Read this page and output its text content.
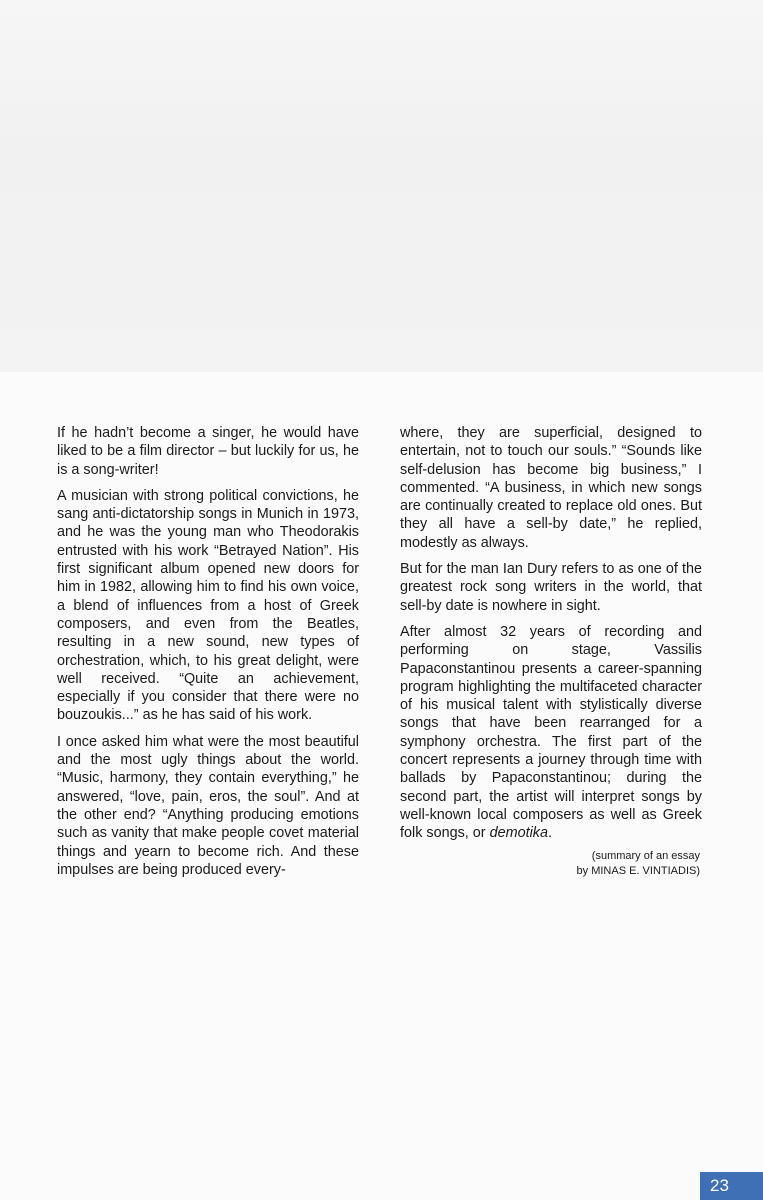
If he hadn’t become a singer, he would have liked to be a film director – but luckily for us, he is a song-writer!

A musician with strong political convictions, he sang anti-dictatorship songs in Munich in 1973, and he was the young man who Theodorakis entrusted with his work “Betrayed Nation”. His first significant album opened new doors for him in 1982, allowing him to find his own voice, a blend of influences from a host of Greek composers, and even from the Beatles, resulting in a new sound, new types of orchestration, which, to his great delight, were well received. “Quite an achievement, especially if you consider that there were no bouzoukis...” as he has said of his work.

I once asked him what were the most beautiful and the most ugly things about the world. “Music, harmony, they contain everything,” he answered, “love, pain, eros, the soul”. And at the other end? “Anything producing emotions such as vanity that make people covet material things and yearn to become rich. And these impulses are being produced every-

where, they are superficial, designed to entertain, not to touch our souls.” “Sounds like self-delusion has become big business,” I commented. “A business, in which new songs are continually created to replace old ones. But they all have a sell-by date,” he replied, modestly as always.

But for the man Ian Dury refers to as one of the greatest rock song writers in the world, that sell-by date is nowhere in sight.

After almost 32 years of recording and performing on stage, Vassilis Papaconstantinou presents a career-spanning program highlighting the multifaceted character of his musical talent with stylistically diverse songs that have been rearranged for a symphony orchestra. The first part of the concert represents a journey through time with ballads by Papaconstantinou; during the second part, the artist will interpret songs by well-known local composers as well as Greek folk songs, or demotika.

(summary of an essay
by MINAS E. VINTIADIS)
23
